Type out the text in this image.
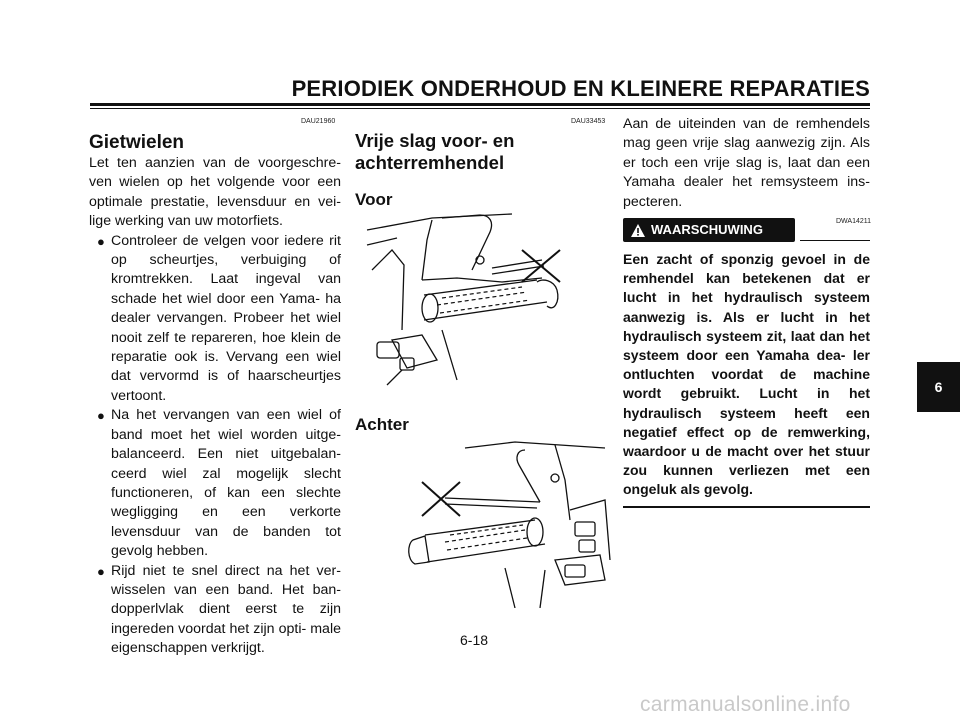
PERIODIEK ONDERHOUD EN KLEINERE REPARATIES
DAU21960
Gietwielen
Let ten aanzien van de voorgeschre- ven wielen op het volgende voor een optimale prestatie, levensduur en vei- lige werking van uw motorfiets.
● Controleer de velgen voor iedere rit op scheurtjes, verbuiging of kromtrekken. Laat ingeval van schade het wiel door een Yama- ha dealer vervangen. Probeer het wiel nooit zelf te repareren, hoe klein de reparatie ook is. Vervang een wiel dat vervormd is of haarscheurtjes vertoont.
● Na het vervangen van een wiel of band moet het wiel worden uitge- balanceerd. Een niet uitgebalan- ceerd wiel zal mogelijk slecht functioneren, of kan een slechte wegligging en een verkorte levensduur van de banden tot gevolg hebben.
● Rijd niet te snel direct na het ver- wisselen van een band. Het ban- dopperlvlak dient eerst te zijn ingereden voordat het zijn opti- male eigenschappen verkrijgt.
DAU33453
Vrije slag voor- en
achterremhendel
Voor
Achter
Aan de uiteinden van de remhendels mag geen vrije slag aanwezig zijn. Als er toch een vrije slag is, laat dan een Yamaha dealer het remsysteem ins- pecteren.
WAARSCHUWING
DWA14211
Een zacht of sponzig gevoel in de remhendel kan betekenen dat er lucht in het hydraulisch systeem aanwezig is. Als er lucht in het hydraulisch systeem zit, laat dan het systeem door een Yamaha dea- ler ontluchten voordat de machine wordt gebruikt. Lucht in het hydraulisch systeem heeft een negatief effect op de remwerking, waardoor u de macht over het stuur zou kunnen verliezen met een ongeluk als gevolg.
6
6-18
carmanualsonline.info
